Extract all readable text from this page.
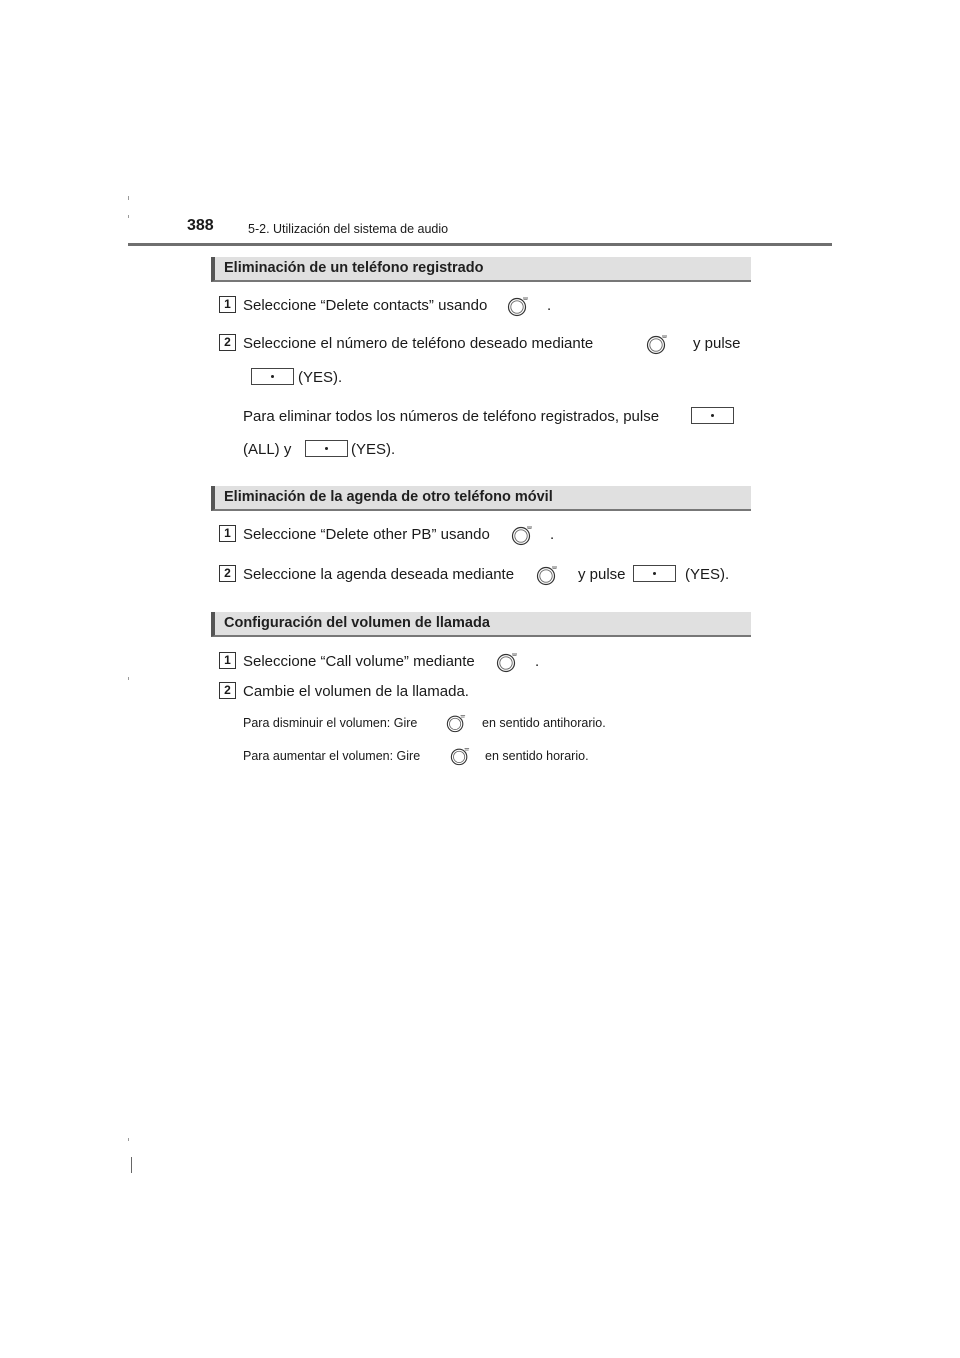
388	5-2. Utilización del sistema de audio
Eliminación de un teléfono registrado
1 Seleccione “Delete contacts” usando	.
2 Seleccione el número de teléfono deseado mediante	y pulse
(YES).
Para eliminar todos los números de teléfono registrados, pulse
(ALL) y	(YES).
Eliminación de la agenda de otro teléfono móvil
1 Seleccione “Delete other PB” usando	.
2 Seleccione la agenda deseada mediante	y pulse	(YES).
Configuración del volumen de llamada
1 Seleccione “Call volume” mediante	.
2 Cambie el volumen de la llamada.
Para disminuir el volumen: Gire	en sentido antihorario.
Para aumentar el volumen: Gire	en sentido horario.
